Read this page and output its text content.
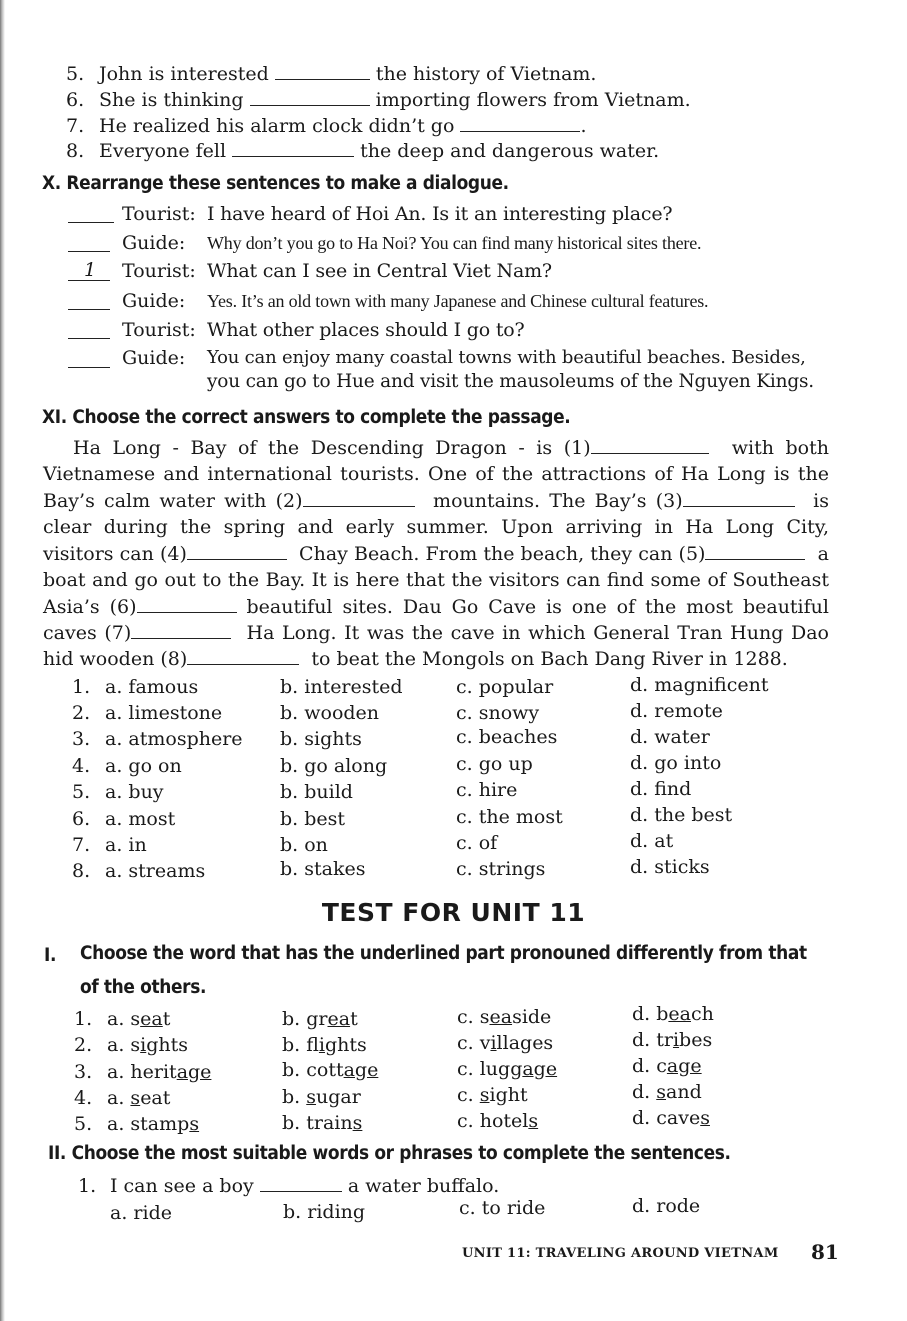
5. John is interested	the history of Vietnam.
6. She is thinking	importing flowers from Vietnam.
7. He realized his alarm clock didn’t go	.
8. Everyone fell	the deep and dangerous water.
X. Rearrange these sentences to make a dialogue.
Tourist: I have heard of Hoi An. Is it an interesting place?
Guide: Why don’t you go to Ha Noi? You can find many historical sites there.
1 Tourist: What can I see in Central Viet Nam?
Guide: Yes. It’s an old town with many Japanese and Chinese cultural features.
Tourist: What other places should I go to?
Guide: You can enjoy many coastal towns with beautiful beaches. Besides,
you can go to Hue and visit the mausoleums of the Nguyen Kings.
XI. Choose the correct answers to complete the passage.
Ha Long - Bay of the Descending Dragon - is (1)	with both
Vietnamese and international tourists. One of the attractions of Ha Long is the
Bay’s calm water with (2)	mountains. The Bay’s (3)	is
clear during the spring and early summer. Upon arriving in Ha Long City,
visitors can (4)	Chay Beach. From the beach, they can (5)	a
boat and go out to the Bay. It is here that the visitors can find some of Southeast
Asia’s (6)	beautiful sites. Dau Go Cave is one of the most beautiful
caves (7)	Ha Long. It was the cave in which General Tran Hung Dao
hid wooden (8)	to beat the Mongols on Bach Dang River in 1288.
1. a. famous	b. interested	c. popular	d. magnificent
2. a. limestone	b. wooden	c. snowy	d. remote
3. a. atmosphere b. sights	c. beaches	d. water
4. a. go on	b. go along	c. go up	d. go into
5. a. buy	b. build	c. hire	d. find
6. a. most	b. best	c. the most	d. the best
7. a. in	b. on	c. of	d. at
8. a. streams	b. stakes	c. strings	d. sticks
TEST FOR UNIT 11
I. Choose the word that has the underlined part pronouned differently from that
of the others.
1. a. seat	b. great	c. seaside	d. beach
2. a. sights	b. flights	c. villages	d. tribes
3. a. heritage	b. cottage	c. luggage	d. cage
4. a. seat	b. sugar	c. sight	d. sand
5. a. stamps	b. trains	c. hotels	d. caves
II. Choose the most suitable words or phrases to complete the sentences.
1. I can see a boy	a water buffalo.
a. ride	b. riding	c. to ride	d. rode
UNIT 11: TRAVELING AROUND VIETNAM 81
